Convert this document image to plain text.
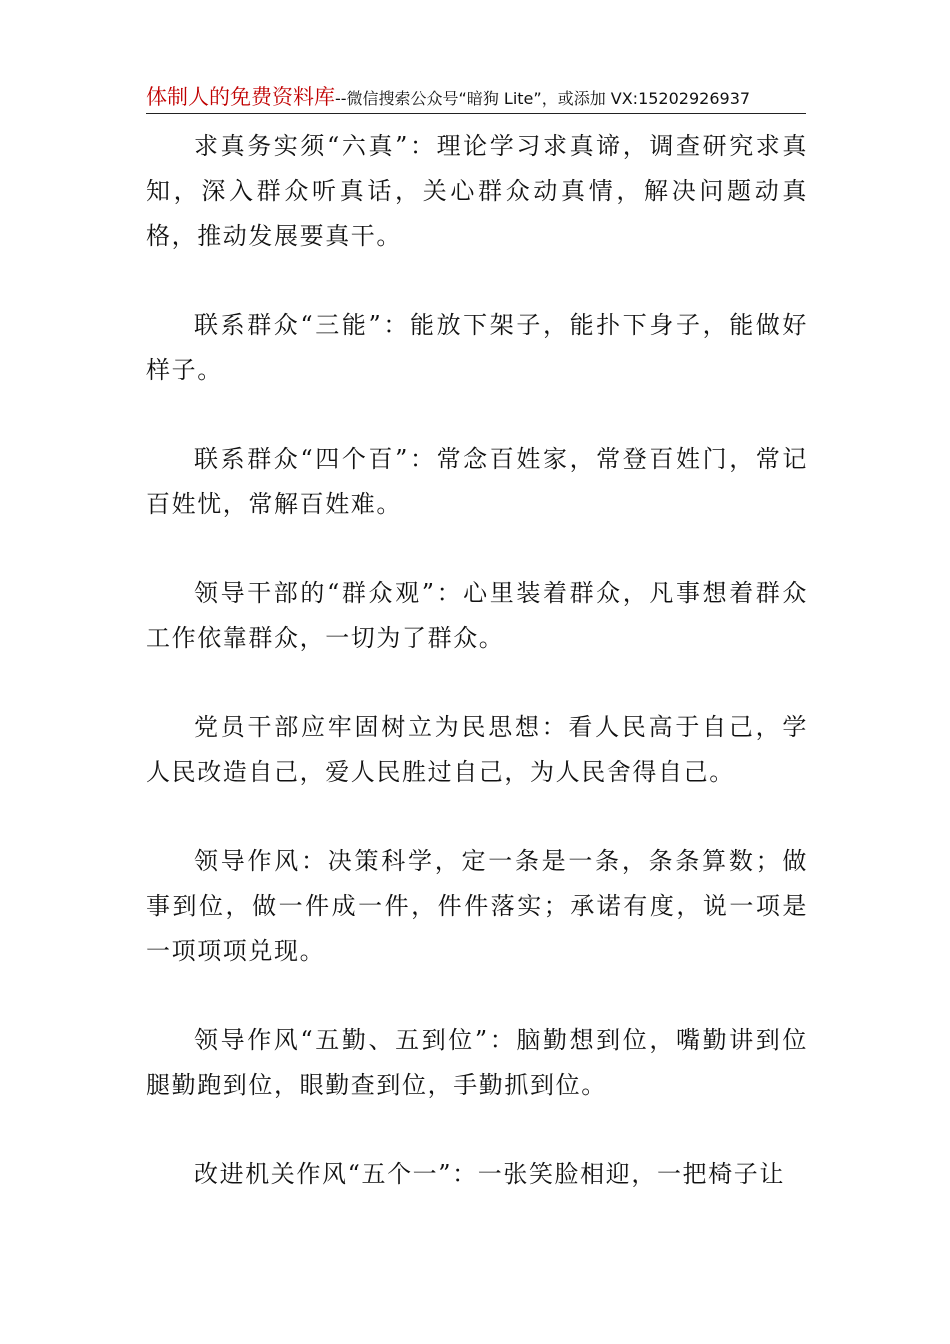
体制人的免费资料库--微信搜索公众号“暗狗 Lite”，或添加 VX:15202926937

求真务实须“六真”：理论学习求真谛，调查研究求真知，深入群众听真话，关心群众动真情，解决问题动真格，推动发展要真干。

联系群众“三能”：能放下架子，能扑下身子，能做好样子。

联系群众“四个百”：常念百姓家，常登百姓门，常记百姓忧，常解百姓难。

领导干部的“群众观”：心里装着群众，凡事想着群众工作依靠群众，一切为了群众。

党员干部应牢固树立为民思想：看人民高于自己，学人民改造自己，爱人民胜过自己，为人民舍得自己。

领导作风：决策科学，定一条是一条，条条算数；做事到位，做一件成一件，件件落实；承诺有度，说一项是一项项项兑现。

领导作风“五勤、五到位”：脑勤想到位，嘴勤讲到位腿勤跑到位，眼勤查到位，手勤抓到位。

改进机关作风“五个一”：一张笑脸相迎，一把椅子让
